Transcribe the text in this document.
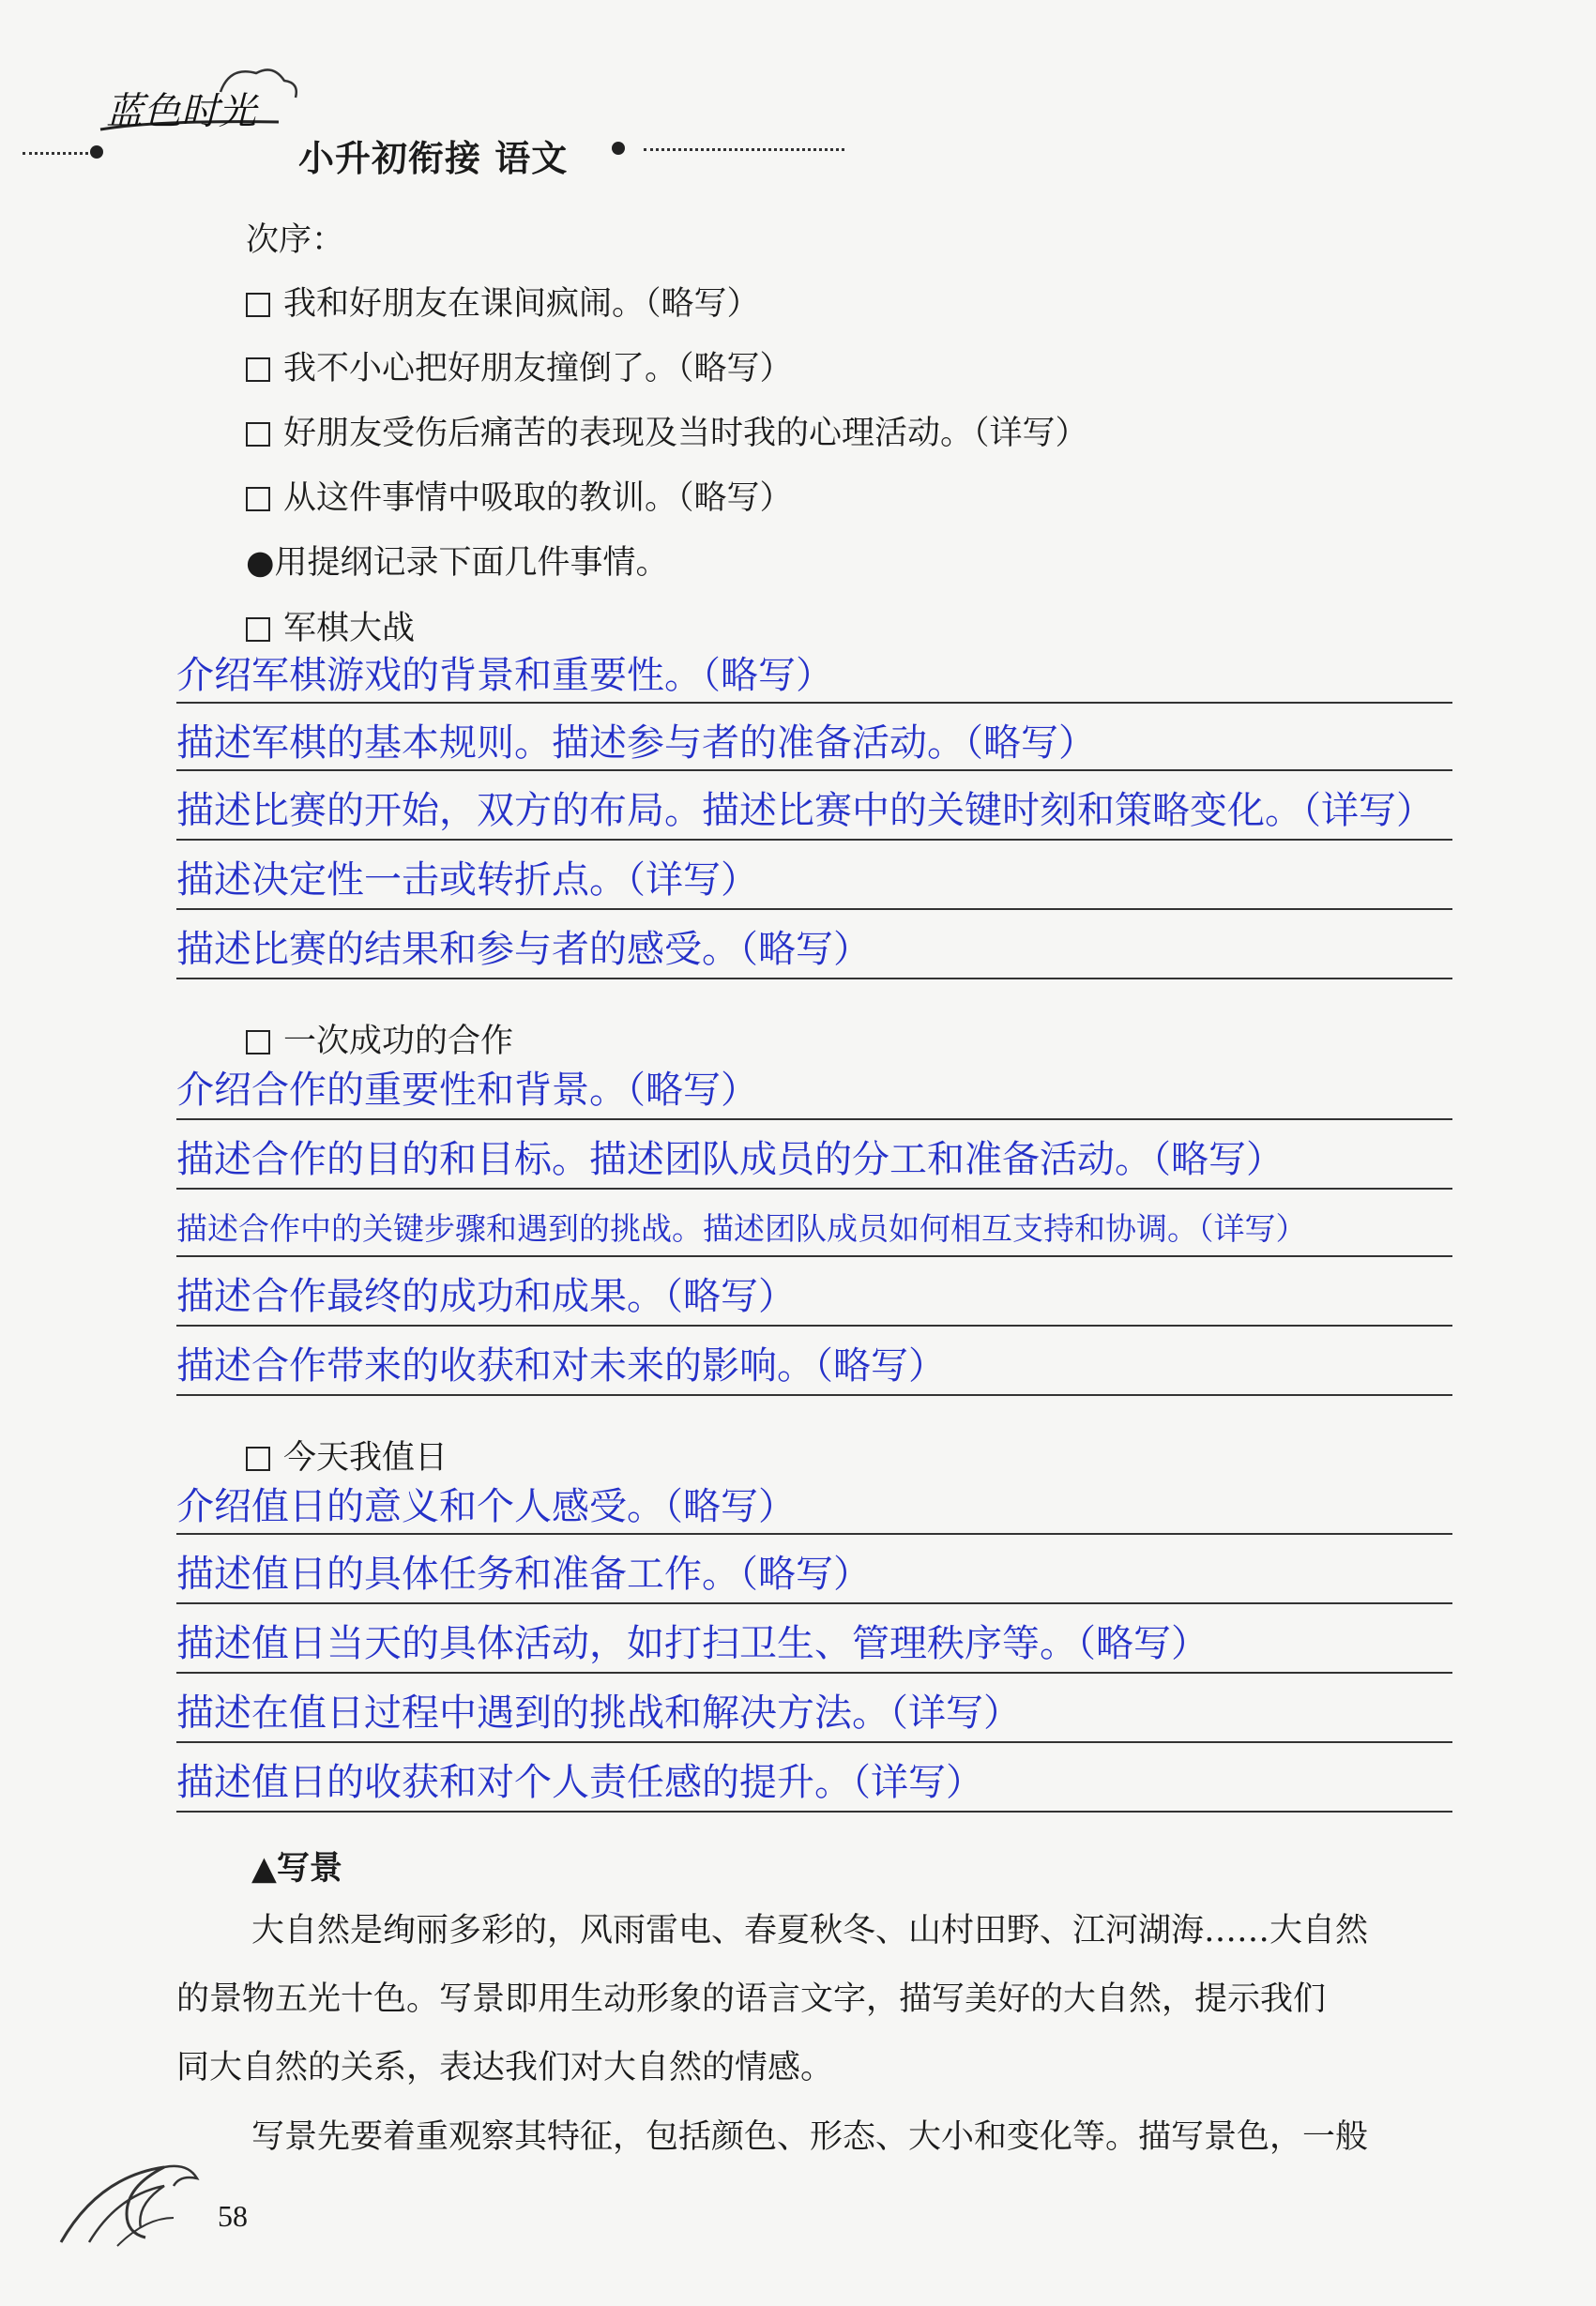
蓝色时光
小升初衔接 语文
次序：
我和好朋友在课间疯闹。（略写）
我不小心把好朋友撞倒了。（略写）
好朋友受伤后痛苦的表现及当时我的心理活动。（详写）
从这件事情中吸取的教训。（略写）
●用提纲记录下面几件事情。
军棋大战
介绍军棋游戏的背景和重要性。（略写）
描述军棋的基本规则。描述参与者的准备活动。（略写）
描述比赛的开始，双方的布局。描述比赛中的关键时刻和策略变化。（详写）
描述决定性一击或转折点。（详写）
描述比赛的结果和参与者的感受。（略写）
一次成功的合作
介绍合作的重要性和背景。（略写）
描述合作的目的和目标。描述团队成员的分工和准备活动。（略写）
描述合作中的关键步骤和遇到的挑战。描述团队成员如何相互支持和协调。（详写）
描述合作最终的成功和成果。（略写）
描述合作带来的收获和对未来的影响。（略写）
今天我值日
介绍值日的意义和个人感受。（略写）
描述值日的具体任务和准备工作。（略写）
描述值日当天的具体活动，如打扫卫生、管理秩序等。（略写）
描述在值日过程中遇到的挑战和解决方法。（详写）
描述值日的收获和对个人责任感的提升。（详写）
▲写景
大自然是绚丽多彩的，风雨雷电、春夏秋冬、山村田野、江河湖海……大自然
的景物五光十色。写景即用生动形象的语言文字，描写美好的大自然，提示我们
同大自然的关系，表达我们对大自然的情感。
写景先要着重观察其特征，包括颜色、形态、大小和变化等。描写景色，一般
58
